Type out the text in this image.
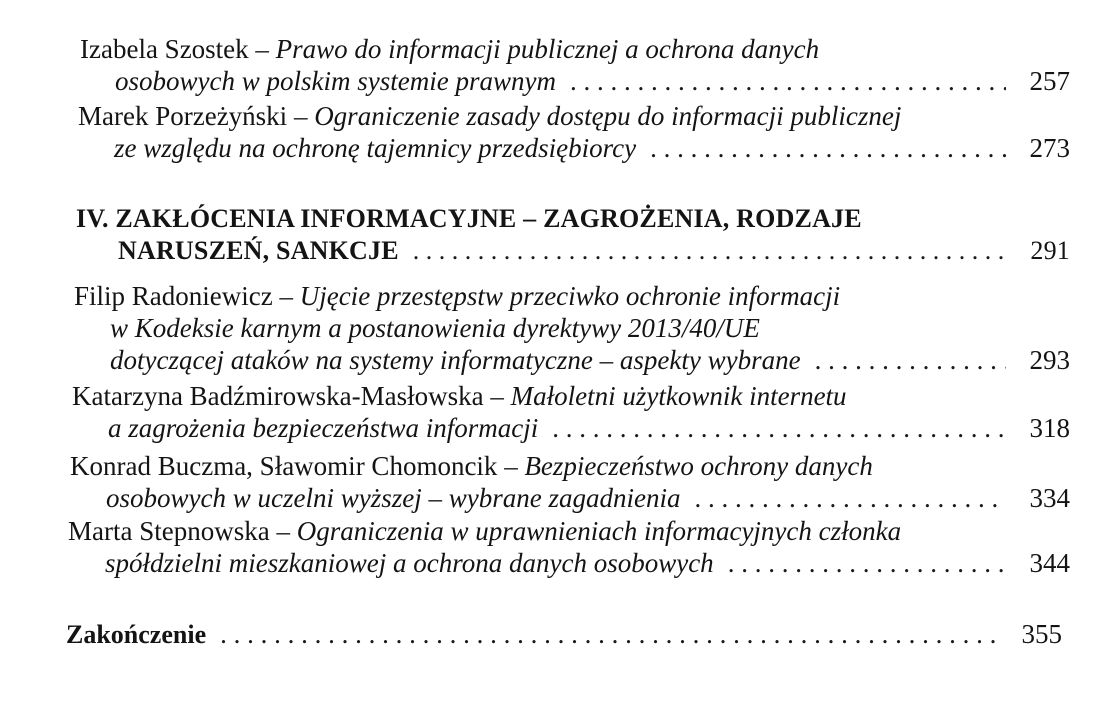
Izabela Szostek – Prawo do informacji publicznej a ochrona danych
osobowych w polskim systemie prawnym . . .	257
Marek Porzeżyński – Ograniczenie zasady dostępu do informacji publicznej
ze względu na ochronę tajemnicy przedsiębiorcy . . .	273
IV. ZAKŁÓCENIA INFORMACYJNE – ZAGROŻENIA, RODZAJE
NARUSZEŃ, SANKCJE . . .	291
Filip Radoniewicz – Ujęcie przestępstw przeciwko ochronie informacji
w Kodeksie karnym a postanowienia dyrektywy 2013/40/UE
dotyczącej ataków na systemy informatyczne – aspekty wybrane . . .	293
Katarzyna Badźmirowska-Masłowska – Małoletni użytkownik internetu
a zagrożenia bezpieczeństwa informacji . . .	318
Konrad Buczma, Sławomir Chomoncik – Bezpieczeństwo ochrony danych
osobowych w uczelni wyższej – wybrane zagadnienia . . .	334
Marta Stepnowska – Ograniczenia w uprawnieniach informacyjnych członka
spółdzielni mieszkaniowej a ochrona danych osobowych . . .	344
Zakończenie . . .	355
